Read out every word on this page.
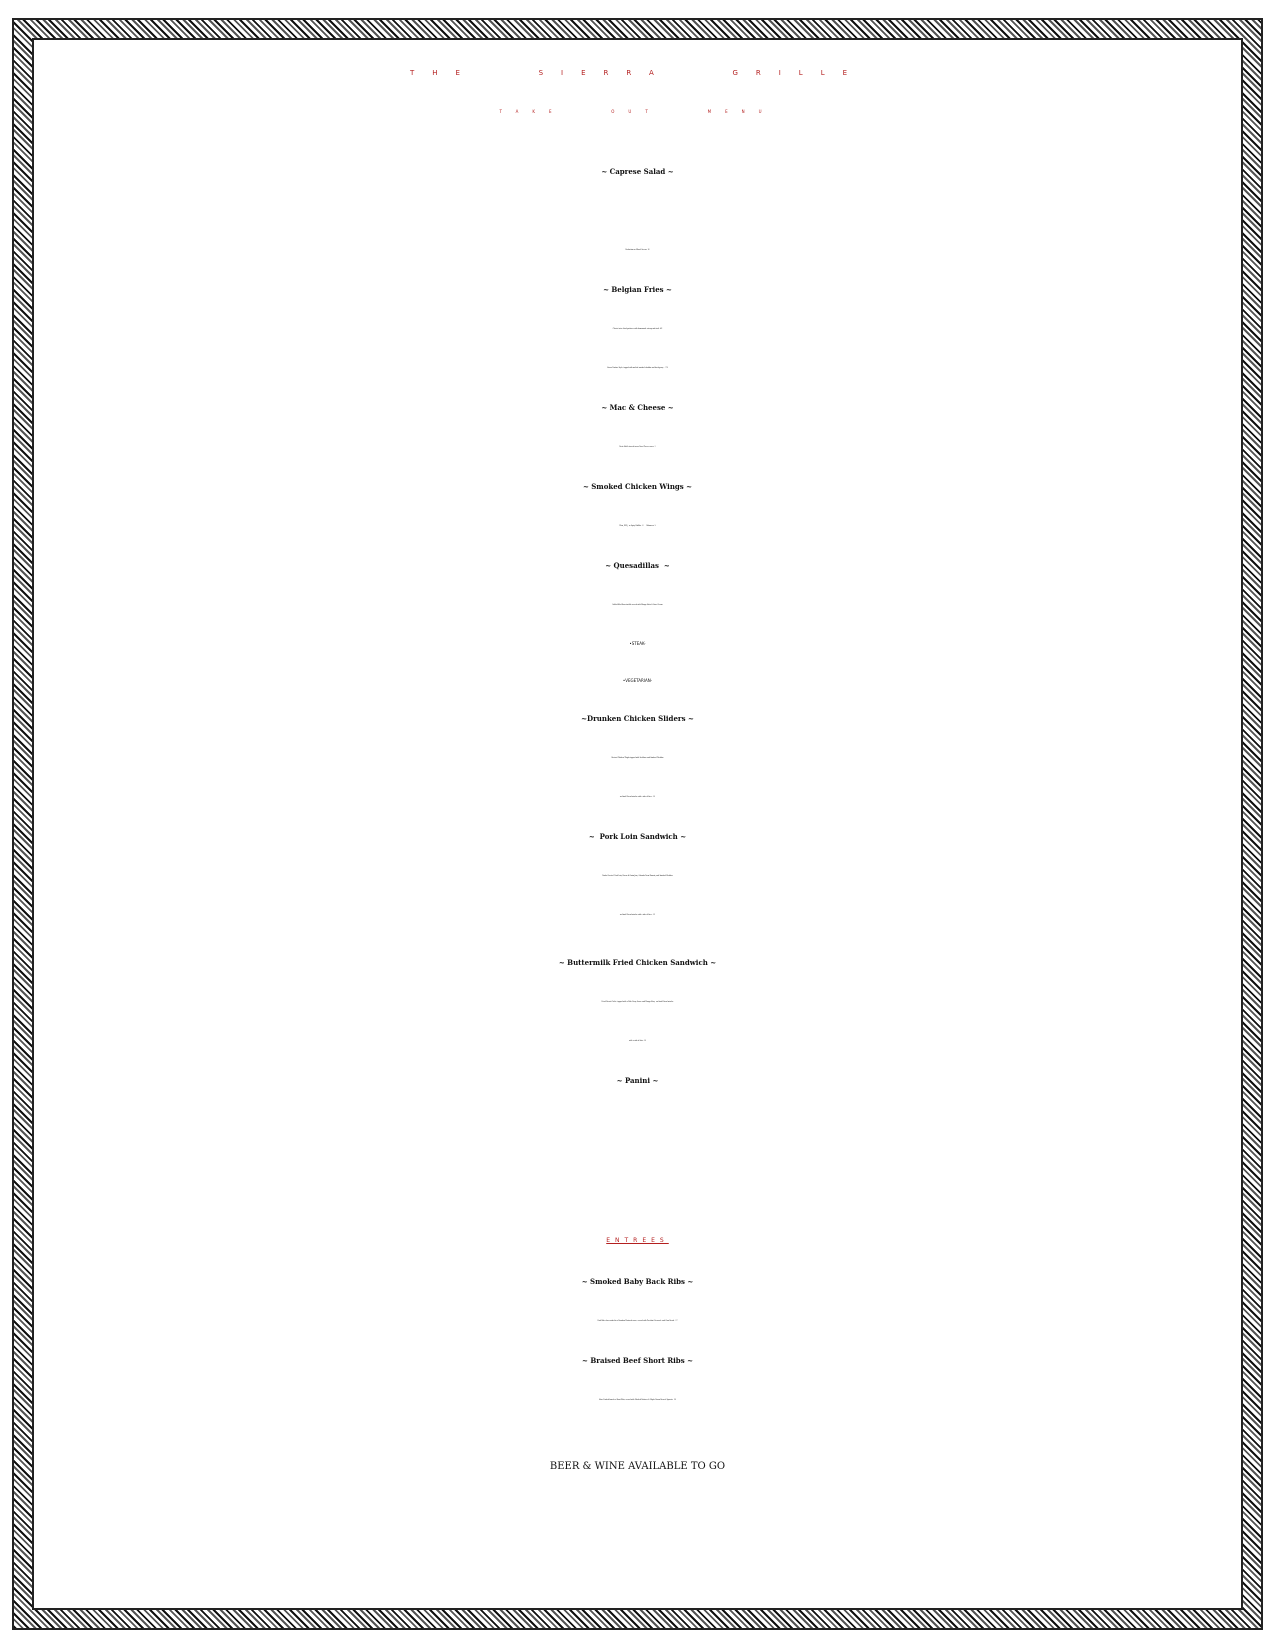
THE   SIERRA   GRILLE
TAKE   OUT   MENU
~ Caprese Salad ~
Reduction on Mixed Greens. 10
~ Belgian Fries ~
Classic twice fried potatoes with homemade catsup and aioli. 4/6
Sierra Poutine Style; topped with melted smoked cheddar and duck gravy .  7/9
~ Mac & Cheese ~
Pasta Shells tossed in our Four Cheese sauce. 5
~ Smoked Chicken Wings ~
Plain, BBQ,  or Spicy Buffalo.  8      Habanero  9
~ Quesadillas  ~
Grilled filled flour tortilla served with Mango Salsa & Sour Cream.
•STEAK-
•VEGETARIAN-
~Drunken Chicken Sliders ~
Braised Chicken Thighs topped with Scallions and Smoked Cheddar
on Small Oven brioche with a side of fries . 10
~  Pork Loin Sandwich ~
Panko Crusted  Pork Loin, Bacon & Onion Jam, Golonka Farm Tomato, and Smoked Cheddar
on Small Oven brioche with a side of fries . 12
~ Buttermilk Fried Chicken Sandwich ~
Fried Breast Cutlet  topped with a Rich Curry Sauce and Mango Slaw,  on Small Oven brioche
with a side of fries. 14
~ Panini ~
ENTREES
~ Smoked Baby Back Ribs ~
Pork Ribs slow cooked in a Bourbon Mustard sauce; served with Zucchini Casserole and Corn Bread.  17
~ Braised Beef Short Ribs ~
Slow Cooked boneless Short Ribs; served with Mashed Potatoes & Maple Bacon Brussel Sprouts.  26
BEER & WINE AVAILABLE TO GO
